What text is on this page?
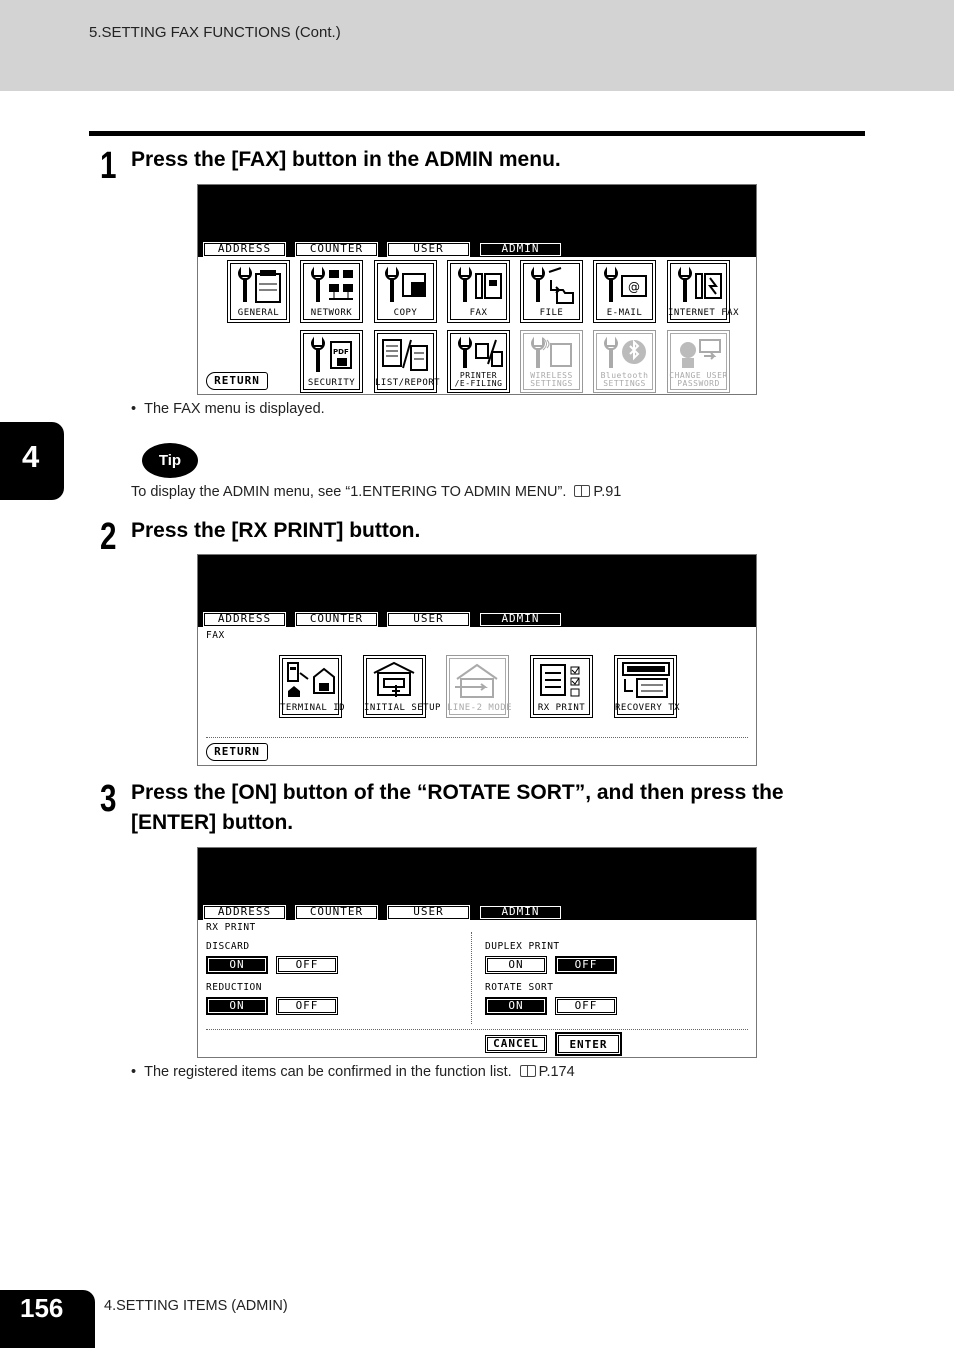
5.SETTING FAX FUNCTIONS (Cont.)
4
1 Press the [FAX] button in the ADMIN menu.
ADDRESS	COUNTER	USER	ADMIN
GENERAL	NETWORK	COPY	FAX	FILE
@
E-MAIL	INTERNET FAX
PDF
SECURITY	LIST/REPORT
PRINTER
/E-FILING
WIRELESS
SETTINGS
Bluetooth
SETTINGS
CHANGE USER
PASSWORD
RETURN
•  The FAX menu is displayed.
Tip
To display the ADMIN menu, see “1.ENTERING TO ADMIN MENU”. P.91
2 Press the [RX PRINT] button.
ADDRESS	COUNTER	USER	ADMIN
FAX
TERMINAL ID INITIAL SETUP LINE-2 MODE	RX PRINT	RECOVERY TX
RETURN
3 Press the [ON] button of the “ROTATE SORT”, and then press the
[ENTER] button.
ADDRESS	COUNTER	USER	ADMIN
RX PRINT
DISCARD
ON	OFF
REDUCTION
ON	OFF
DUPLEX PRINT
ON	OFF
ROTATE SORT
ON	OFF
CANCEL	ENTER
•  The registered items can be confirmed in the function list. P.174
156	4.SETTING ITEMS (ADMIN)
